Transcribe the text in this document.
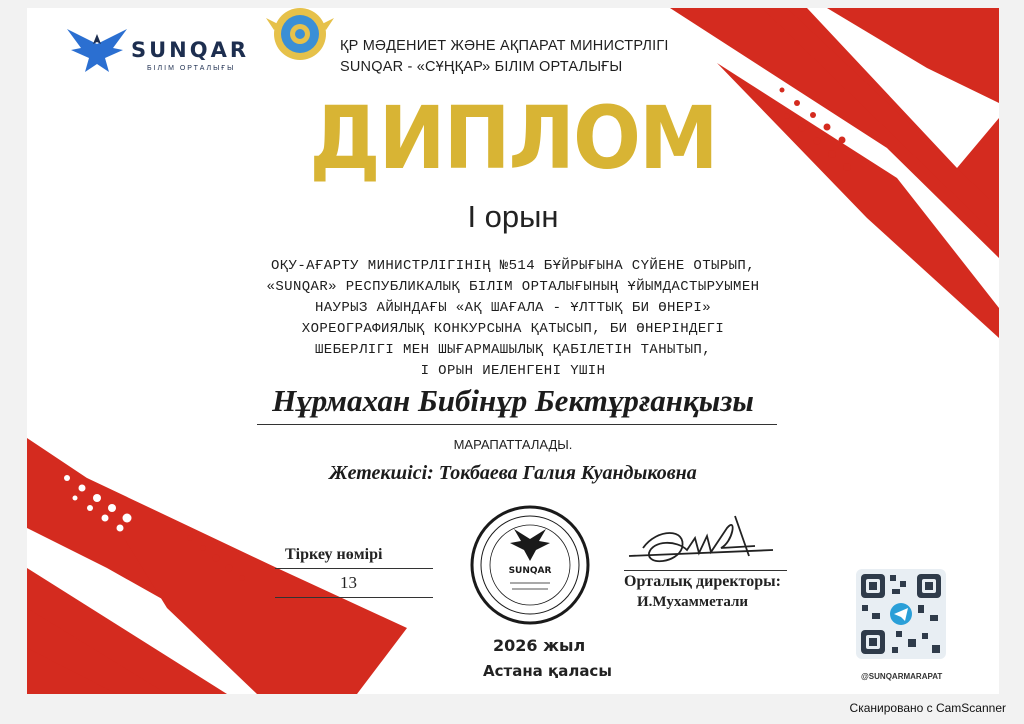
SUNQAR
SUNQAR
БІЛІМ ОРТАЛЫҒЫ
ҚР МӘДЕНИЕТ ЖӘНЕ АҚПАРАТ МИНИСТРЛІГІ
SUNQAR - «СҰҢҚАР» БІЛІМ ОРТАЛЫҒЫ
ДИПЛОМ
І орын
ОҚУ-АҒАРТУ МИНИСТРЛІГІНІҢ №514 БҰЙРЫҒЫНА СҮЙЕНЕ ОТЫРЫП,
«SUNQAR» РЕСПУБЛИКАЛЫҚ БІЛІМ ОРТАЛЫҒЫНЫҢ ҰЙЫМДАСТЫРУЫМЕН
НАУРЫЗ АЙЫНДАҒЫ «АҚ ШАҒАЛА - ҰЛТТЫҚ БИ ӨНЕРІ»
ХОРЕОГРАФИЯЛЫҚ КОНКУРСЫНА ҚАТЫСЫП, БИ ӨНЕРІНДЕГІ
ШЕБЕРЛІГІ МЕН ШЫҒАРМАШЫЛЫҚ ҚАБІЛЕТІН ТАНЫТЫП,
І ОРЫН ИЕЛЕНГЕНІ ҮШІН
Нұрмахан Бибінұр Бектұрғанқызы
МАРАПАТТАЛАДЫ.
Жетекшісі: Токбаева Галия Куандыковна
Тіркеу нөмірі
13
2026 жыл
Астана қаласы
Орталық директоры:
И.Мухамметали
@SUNQARMARAPAT
Сканировано с CamScanner
